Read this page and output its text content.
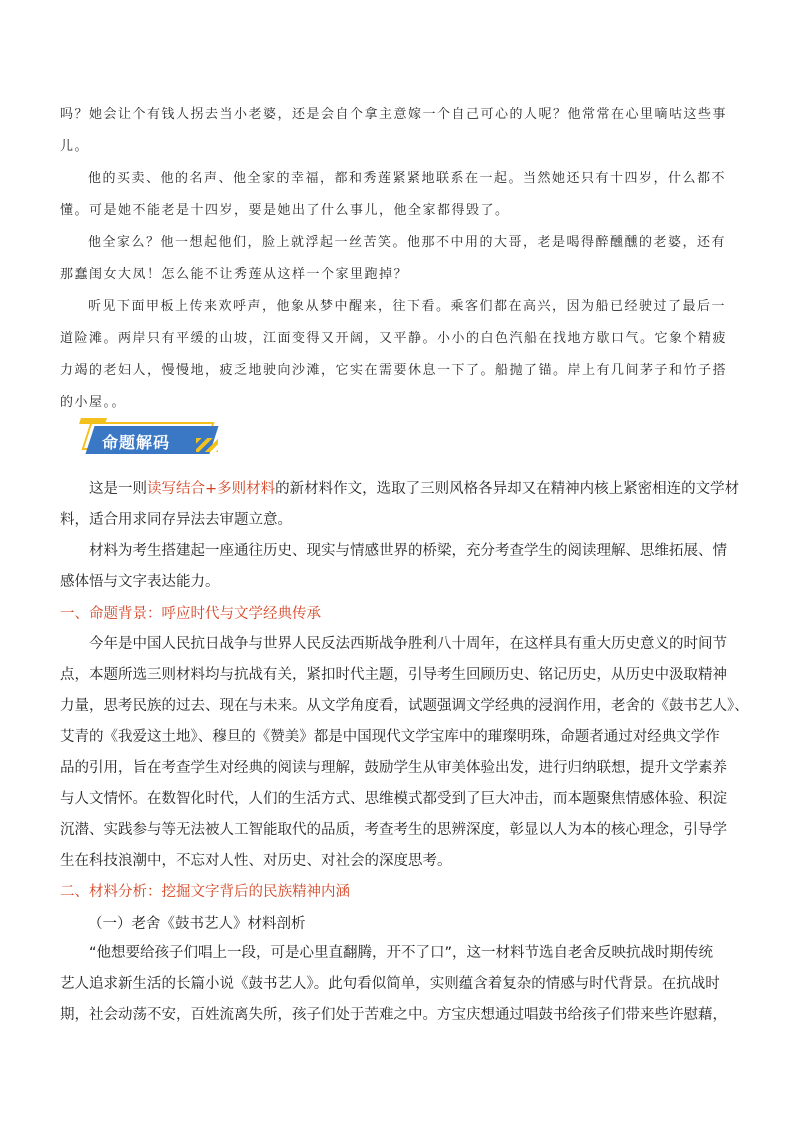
吗？她会让个有钱人拐去当小老婆，还是会自个拿主意嫁一个自己可心的人呢？他常常在心里嘀咕这些事

儿。

他的买卖、他的名声、他全家的幸福，都和秀莲紧紧地联系在一起。当然她还只有十四岁，什么都不

懂。可是她不能老是十四岁，要是她出了什么事儿，他全家都得毁了。

他全家么？他一想起他们，脸上就浮起一丝苦笑。他那不中用的大哥，老是喝得醉醺醺的老婆，还有

那蠢闺女大凤！怎么能不让秀莲从这样一个家里跑掉？

听见下面甲板上传来欢呼声，他象从梦中醒来，往下看。乘客们都在高兴，因为船已经驶过了最后一

道险滩。两岸只有平缓的山坡，江面变得又开阔，又平静。小小的白色汽船在找地方歇口气。它象个精疲

力竭的老妇人，慢慢地，疲乏地驶向沙滩，它实在需要休息一下了。船抛了锚。岸上有几间茅子和竹子搭

的小屋。。

命题解码
这是一则读写结合+多则材料的新材料作文，选取了三则风格各异却又在精神内核上紧密相连的文学材
料，适合用求同存异法去审题立意。
材料为考生搭建起一座通往历史、现实与情感世界的桥梁，充分考查学生的阅读理解、思维拓展、情
感体悟与文字表达能力。
一、命题背景：呼应时代与文学经典传承
今年是中国人民抗日战争与世界人民反法西斯战争胜利八十周年，在这样具有重大历史意义的时间节
点，本题所选三则材料均与抗战有关，紧扣时代主题，引导考生回顾历史、铭记历史，从历史中汲取精神
力量，思考民族的过去、现在与未来。从文学角度看，试题强调文学经典的浸润作用，老舍的《鼓书艺人》、
艾青的《我爱这土地》、穆旦的《赞美》都是中国现代文学宝库中的璀璨明珠，命题者通过对经典文学作
品的引用，旨在考查学生对经典的阅读与理解，鼓励学生从审美体验出发，进行归纳联想，提升文学素养
与人文情怀。在数智化时代，人们的生活方式、思维模式都受到了巨大冲击，而本题聚焦情感体验、积淀
沉潜、实践参与等无法被人工智能取代的品质，考查考生的思辨深度，彰显以人为本的核心理念，引导学
生在科技浪潮中，不忘对人性、对历史、对社会的深度思考。
二、材料分析：挖掘文字背后的民族精神内涵
（一）老舍《鼓书艺人》材料剖析
“他想要给孩子们唱上一段，可是心里直翻腾，开不了口”，这一材料节选自老舍反映抗战时期传统
艺人追求新生活的长篇小说《鼓书艺人》。此句看似简单，实则蕴含着复杂的情感与时代背景。在抗战时
期，社会动荡不安，百姓流离失所，孩子们处于苦难之中。方宝庆想通过唱鼓书给孩子们带来些许慰藉，
